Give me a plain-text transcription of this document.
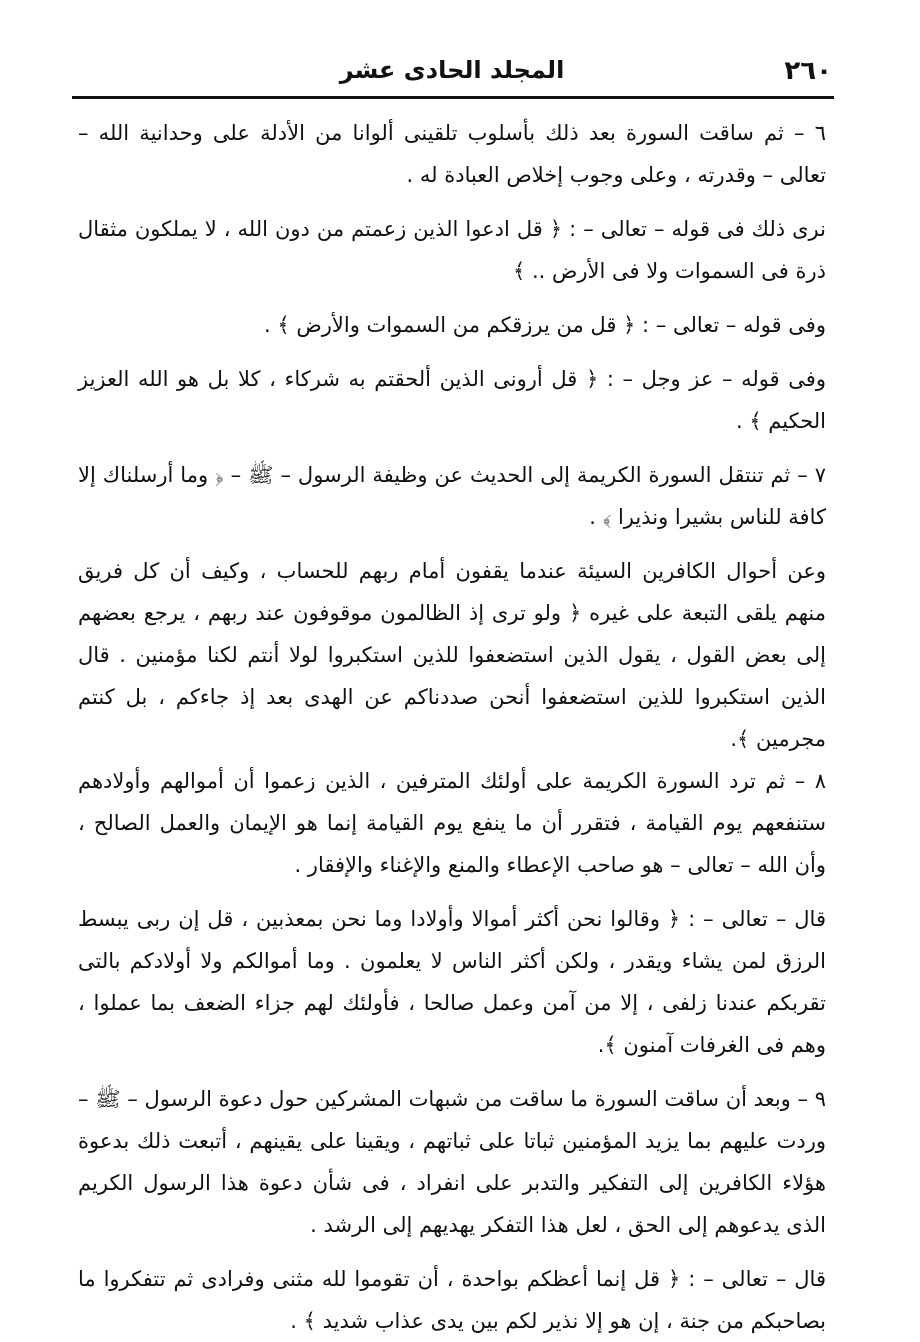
٢٦٠
المجلد الحادى عشر

٦ – ثم ساقت السورة بعد ذلك بأسلوب تلقينى ألوانا من الأدلة على وحدانية الله – تعالى – وقدرته ، وعلى وجوب إخلاص العبادة له .

نرى ذلك فى قوله – تعالى – : ﴿ قل ادعوا الذين زعمتم من دون الله ، لا يملكون مثقال ذرة فى السموات ولا فى الأرض .. ﴾

وفى قوله – تعالى – : ﴿ قل من يرزقكم من السموات والأرض ﴾ .

وفى قوله – عز وجل – : ﴿ قل أرونى الذين ألحقتم به شركاء ، كلا بل هو الله العزيز الحكيم ﴾ .

٧ – ثم تنتقل السورة الكريمة إلى الحديث عن وظيفة الرسول – ﷺ – ﴿ وما أرسلناك إلا كافة للناس بشيرا ونذيرا ﴾ .

وعن أحوال الكافرين السيئة عندما يقفون أمام ربهم للحساب ، وكيف أن كل فريق منهم يلقى التبعة على غيره ﴿ ولو ترى إذ الظالمون موقوفون عند ربهم ، يرجع بعضهم إلى بعض القول ، يقول الذين استضعفوا للذين استكبروا لولا أنتم لكنا مؤمنين . قال الذين استكبروا للذين استضعفوا أنحن صددناكم عن الهدى بعد إذ جاءكم ، بل كنتم مجرمين ﴾.

٨ – ثم ترد السورة الكريمة على أولئك المترفين ، الذين زعموا أن أموالهم وأولادهم ستنفعهم يوم القيامة ، فتقرر أن ما ينفع يوم القيامة إنما هو الإيمان والعمل الصالح ، وأن الله – تعالى – هو صاحب الإعطاء والمنع والإغناء والإفقار .

قال – تعالى – : ﴿ وقالوا نحن أكثر أموالا وأولادا وما نحن بمعذبين ، قل إن ربى يبسط الرزق لمن يشاء ويقدر ، ولكن أكثر الناس لا يعلمون . وما أموالكم ولا أولادكم بالتى تقربكم عندنا زلفى ، إلا من آمن وعمل صالحا ، فأولئك لهم جزاء الضعف بما عملوا ، وهم فى الغرفات آمنون ﴾.

٩ – وبعد أن ساقت السورة ما ساقت من شبهات المشركين حول دعوة الرسول – ﷺ – وردت عليهم بما يزيد المؤمنين ثباتا على ثباتهم ، ويقينا على يقينهم ، أتبعت ذلك بدعوة هؤلاء الكافرين إلى التفكير والتدبر على انفراد ، فى شأن دعوة هذا الرسول الكريم الذى يدعوهم إلى الحق ، لعل هذا التفكر يهديهم إلى الرشد .

قال – تعالى – : ﴿ قل إنما أعظكم بواحدة ، أن تقوموا لله مثنى وفرادى ثم تتفكروا ما بصاحبكم من جنة ، إن هو إلا نذير لكم بين يدى عذاب شديد ﴾ .
